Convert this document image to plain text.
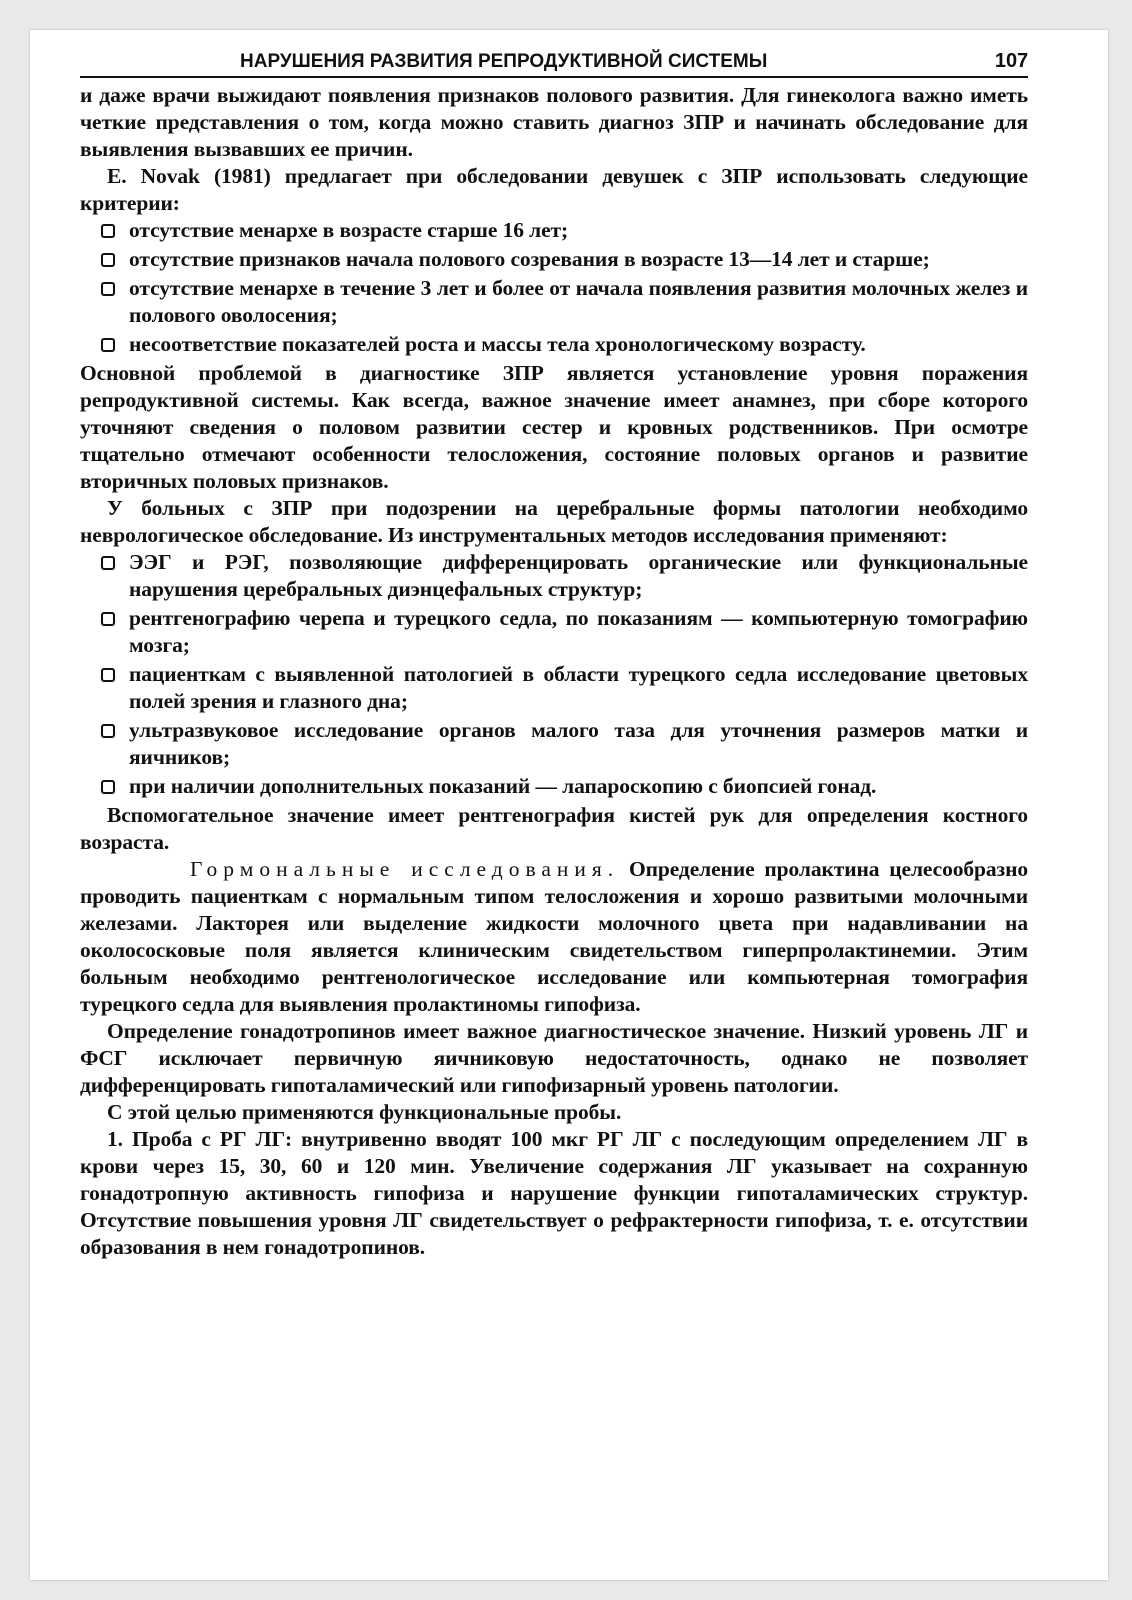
НАРУШЕНИЯ РАЗВИТИЯ РЕПРОДУКТИВНОЙ СИСТЕМЫ	107

и даже врачи выжидают появления признаков полового развития. Для гинеколога важно иметь четкие представления о том, когда можно ставить диагноз ЗПР и начинать обследование для выявления вызвавших ее причин.

E. Novak (1981) предлагает при обследовании девушек с ЗПР использовать следующие критерии:

отсутствие менархе в возрасте старше 16 лет;
отсутствие признаков начала полового созревания в возрасте 13—14 лет и старше;
отсутствие менархе в течение 3 лет и более от начала появления развития молочных желез и полового оволосения;
несоответствие показателей роста и массы тела хронологическому возрасту.

Основной проблемой в диагностике ЗПР является установление уровня поражения репродуктивной системы. Как всегда, важное значение имеет анамнез, при сборе которого уточняют сведения о половом развитии сестер и кровных родственников. При осмотре тщательно отмечают особенности телосложения, состояние половых органов и развитие вторичных половых признаков.

У больных с ЗПР при подозрении на церебральные формы патологии необходимо неврологическое обследование. Из инструментальных методов исследования применяют:

ЭЭГ и РЭГ, позволяющие дифференцировать органические или функциональные нарушения церебральных диэнцефальных структур;
рентгенографию черепа и турецкого седла, по показаниям — компьютерную томографию мозга;
пациенткам с выявленной патологией в области турецкого седла исследование цветовых полей зрения и глазного дна;
ультразвуковое исследование органов малого таза для уточнения размеров матки и яичников;
при наличии дополнительных показаний — лапароскопию с биопсией гонад.

Вспомогательное значение имеет рентгенография кистей рук для определения костного возраста.

Гормональные исследования. Определение пролактина целесообразно проводить пациенткам с нормальным типом телосложения и хорошо развитыми молочными железами. Лакторея или выделение жидкости молочного цвета при надавливании на околососковые поля является клиническим свидетельством гиперпролактинемии. Этим больным необходимо рентгенологическое исследование или компьютерная томография турецкого седла для выявления пролактиномы гипофиза.

Определение гонадотропинов имеет важное диагностическое значение. Низкий уровень ЛГ и ФСГ исключает первичную яичниковую недостаточность, однако не позволяет дифференцировать гипоталамический или гипофизарный уровень патологии.

С этой целью применяются функциональные пробы.

1. Проба с РГ ЛГ: внутривенно вводят 100 мкг РГ ЛГ с последующим определением ЛГ в крови через 15, 30, 60 и 120 мин. Увеличение содержания ЛГ указывает на сохранную гонадотропную активность гипофиза и нарушение функции гипоталамических структур. Отсутствие повышения уровня ЛГ свидетельствует о рефрактерности гипофиза, т. е. отсутствии образования в нем гонадотропинов.
